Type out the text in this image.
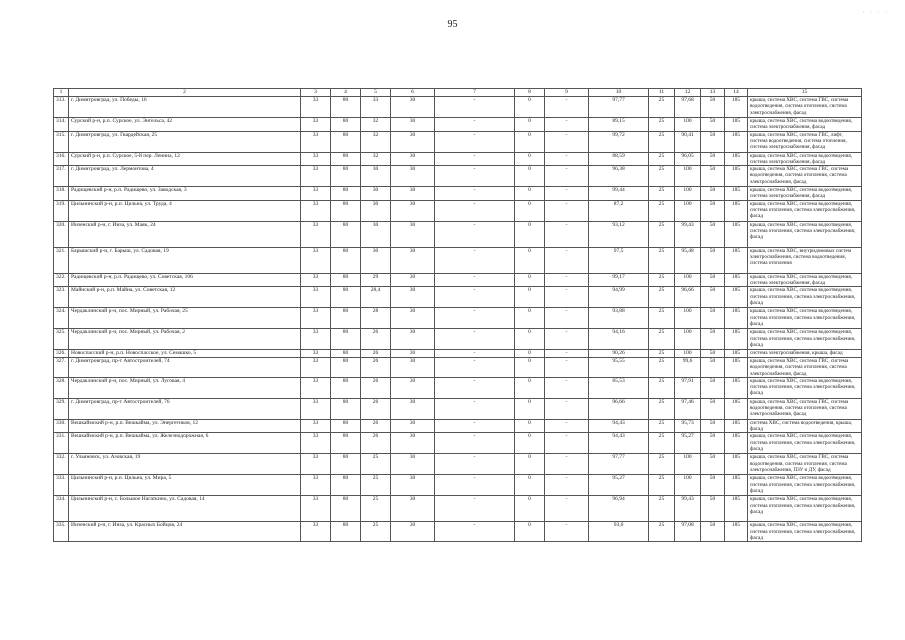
95
· · · ·
1	2	3	4	5	6	7	8	9	10	11	12	13	14	15
313.	г. Димитровград, ул. Победы, 16	33	80	33	30	-	0	-	97,77	25	97,68	50	185	крыша, система ХВС, система ГВС, система водоотведения, система отопления, система электроснабжения, фасад
314.	Сурский р-н, р.п. Сурское, ул. Энгельса, 42	33	80	32	30	-	0	-	89,15	25	100	50	185	крыша, система ХВС, система водоотведения, система электроснабжения, фасад
315.	г. Димитровград, ул. Гвардейская, 25	33	80	32	30	-	0	-	99,72	25	90,41	50	185	крыша, система ХВС, система ГВС, лифт, система водоотведения, система отопления, система электроснабжения, фасад
316.	Сурский р-н, р.п. Сурское, 5-й пер. Ленина, 12	33	80	32	30	-	0	-	88,59	25	96,05	50	185	крыша, система ХВС, система водоотведения, система электроснабжения, фасад
317.	г. Димитровград, ул. Лермонтова, 4	33	80	30	30	-	0	-	96,38	25	100	50	185	крыша, система ХВС, система ГВС, система водоотведения, система отопления, система электроснабжения, фасад
318.	Радищевский р-н, р.п. Радищево, ул. Заводская, 3	33	80	30	30	-	0	-	99,44	25	100	50	185	крыша, система ХВС, система водоотведения, система электроснабжения, фасад
319.	Цильнинский р-н, р.п. Цильна, ул. Труда, 4	33	80	30	30	-	0	-	87,2	25	100	50	185	крыша, система ХВС, система водоотведения, система отопления, система электроснабжения, фасад
320.	Инзенский р-н, г. Инза, ул. Маяк, 24	33	80	30	30	-	0	-	93,12	25	99,43	50	185	крыша, система ХВС, система водоотведения, система отопления, система электроснабжения, фасад
321.	Барышский р-н, г. Барыш, ул. Садовая, 19	33	80	30	30	-	0	-	97,5	25	95,48	50	185	крыша, система ХВС, внутридомовых систем электроснабжения, система водоотведения, система отопления
322.	Радищевский р-н, р.п. Радищево, ул. Советская, 106	33	80	29	30	-	0	-	99,17	25	100	50	185	крыша, система ХВС, система водоотведения, система электроснабжения, фасад
323.	Майнский р-н, р.п. Майна, ул. Советская, 12	33	80	28,4	30	-	0	-	94,99	25	96,66	50	185	крыша, система ХВС, система водоотведения, система отопления, система электроснабжения, фасад
324.	Чердаклинский р-н, пос. Мирный, ул. Рабочая, 25	33	80	28	30	-	0	-	93,88	25	100	50	185	крыша, система ХВС, система водоотведения, система отопления, система электроснабжения, фасад
325.	Чердаклинский р-н, пос. Мирный, ул. Рабочая, 2	33	80	26	30	-	0	-	94,16	25	100	50	185	крыша, система ХВС, система водоотведения, система отопления, система электроснабжения, фасад
326.	Новоспасский р-н, р.п. Новоспасское, ул. Семашко, 5	33	80	26	30	-	0	-	90,26	25	100	50	185	система электроснабжения, крыша, фасад
327.	г. Димитровград, пр-т Автостроителей, 74	33	80	26	30	-	0	-	95,55	25	99,6	50	185	крыша, система ХВС, система ГВС, система водоотведения, система отопления, система электроснабжения, фасад
328.	Чердаклинский р-н, пос. Мирный, ул. Луговая, 4	33	80	26	30	-	0	-	85,53	25	97,91	50	185	крыша, система ХВС, система водоотведения, система отопления, система электроснабжения, фасад
329.	г. Димитровград, пр-т Автостроителей, 76	33	80	26	30	-	0	-	96,66	25	97,46	50	185	крыша, система ХВС, система ГВС, система водоотведения, система отопления, система электроснабжения, фасад
330.	Вешкаймский р-н, р.п. Вешкайма, ул. Энергетиков, 12	33	80	26	30	-	0	-	94,43	25	95,73	50	185	система ХВС, система водоотведения, крыша, фасад
331.	Вешкаймский р-н, р.п. Вешкайма, ул. Железнодорожная, 6	33	80	26	30	-	0	-	94,43	25	95,27	50	185	крыша, система ХВС, система водоотведения, система отопления, система электроснабжения, фасад
332.	г. Ульяновск, ул. Азовская, 19	33	80	25	30	-	0	-	97,77	25	100	50	185	крыша, система ХВС, система ГВС, система водоотведения, система отопления, система электроснабжения, ПЗУ и ДУ, фасад
333.	Цильнинский р-н, р.п. Цильна, ул. Мира, 5	33	80	25	30	-	0	-	95,27	25	100	50	185	крыша, система ХВС, система водоотведения, система отопления, система электроснабжения, фасад
334.	Цильнинский р-н, с. Большое Нагаткино, ул. Садовая, 14	33	80	25	30	-	0	-	96,94	25	99,43	50	185	крыша, система ХВС, система водоотведения, система отопления, система электроснабжения, фасад
335.	Инзенский р-н, г. Инза, ул. Красных Бойцов, 24	33	80	25	30	-	0	-	93,6	25	97,08	50	185	крыша, система ХВС, система водоотведения, система отопления, система электроснабжения, фасад
